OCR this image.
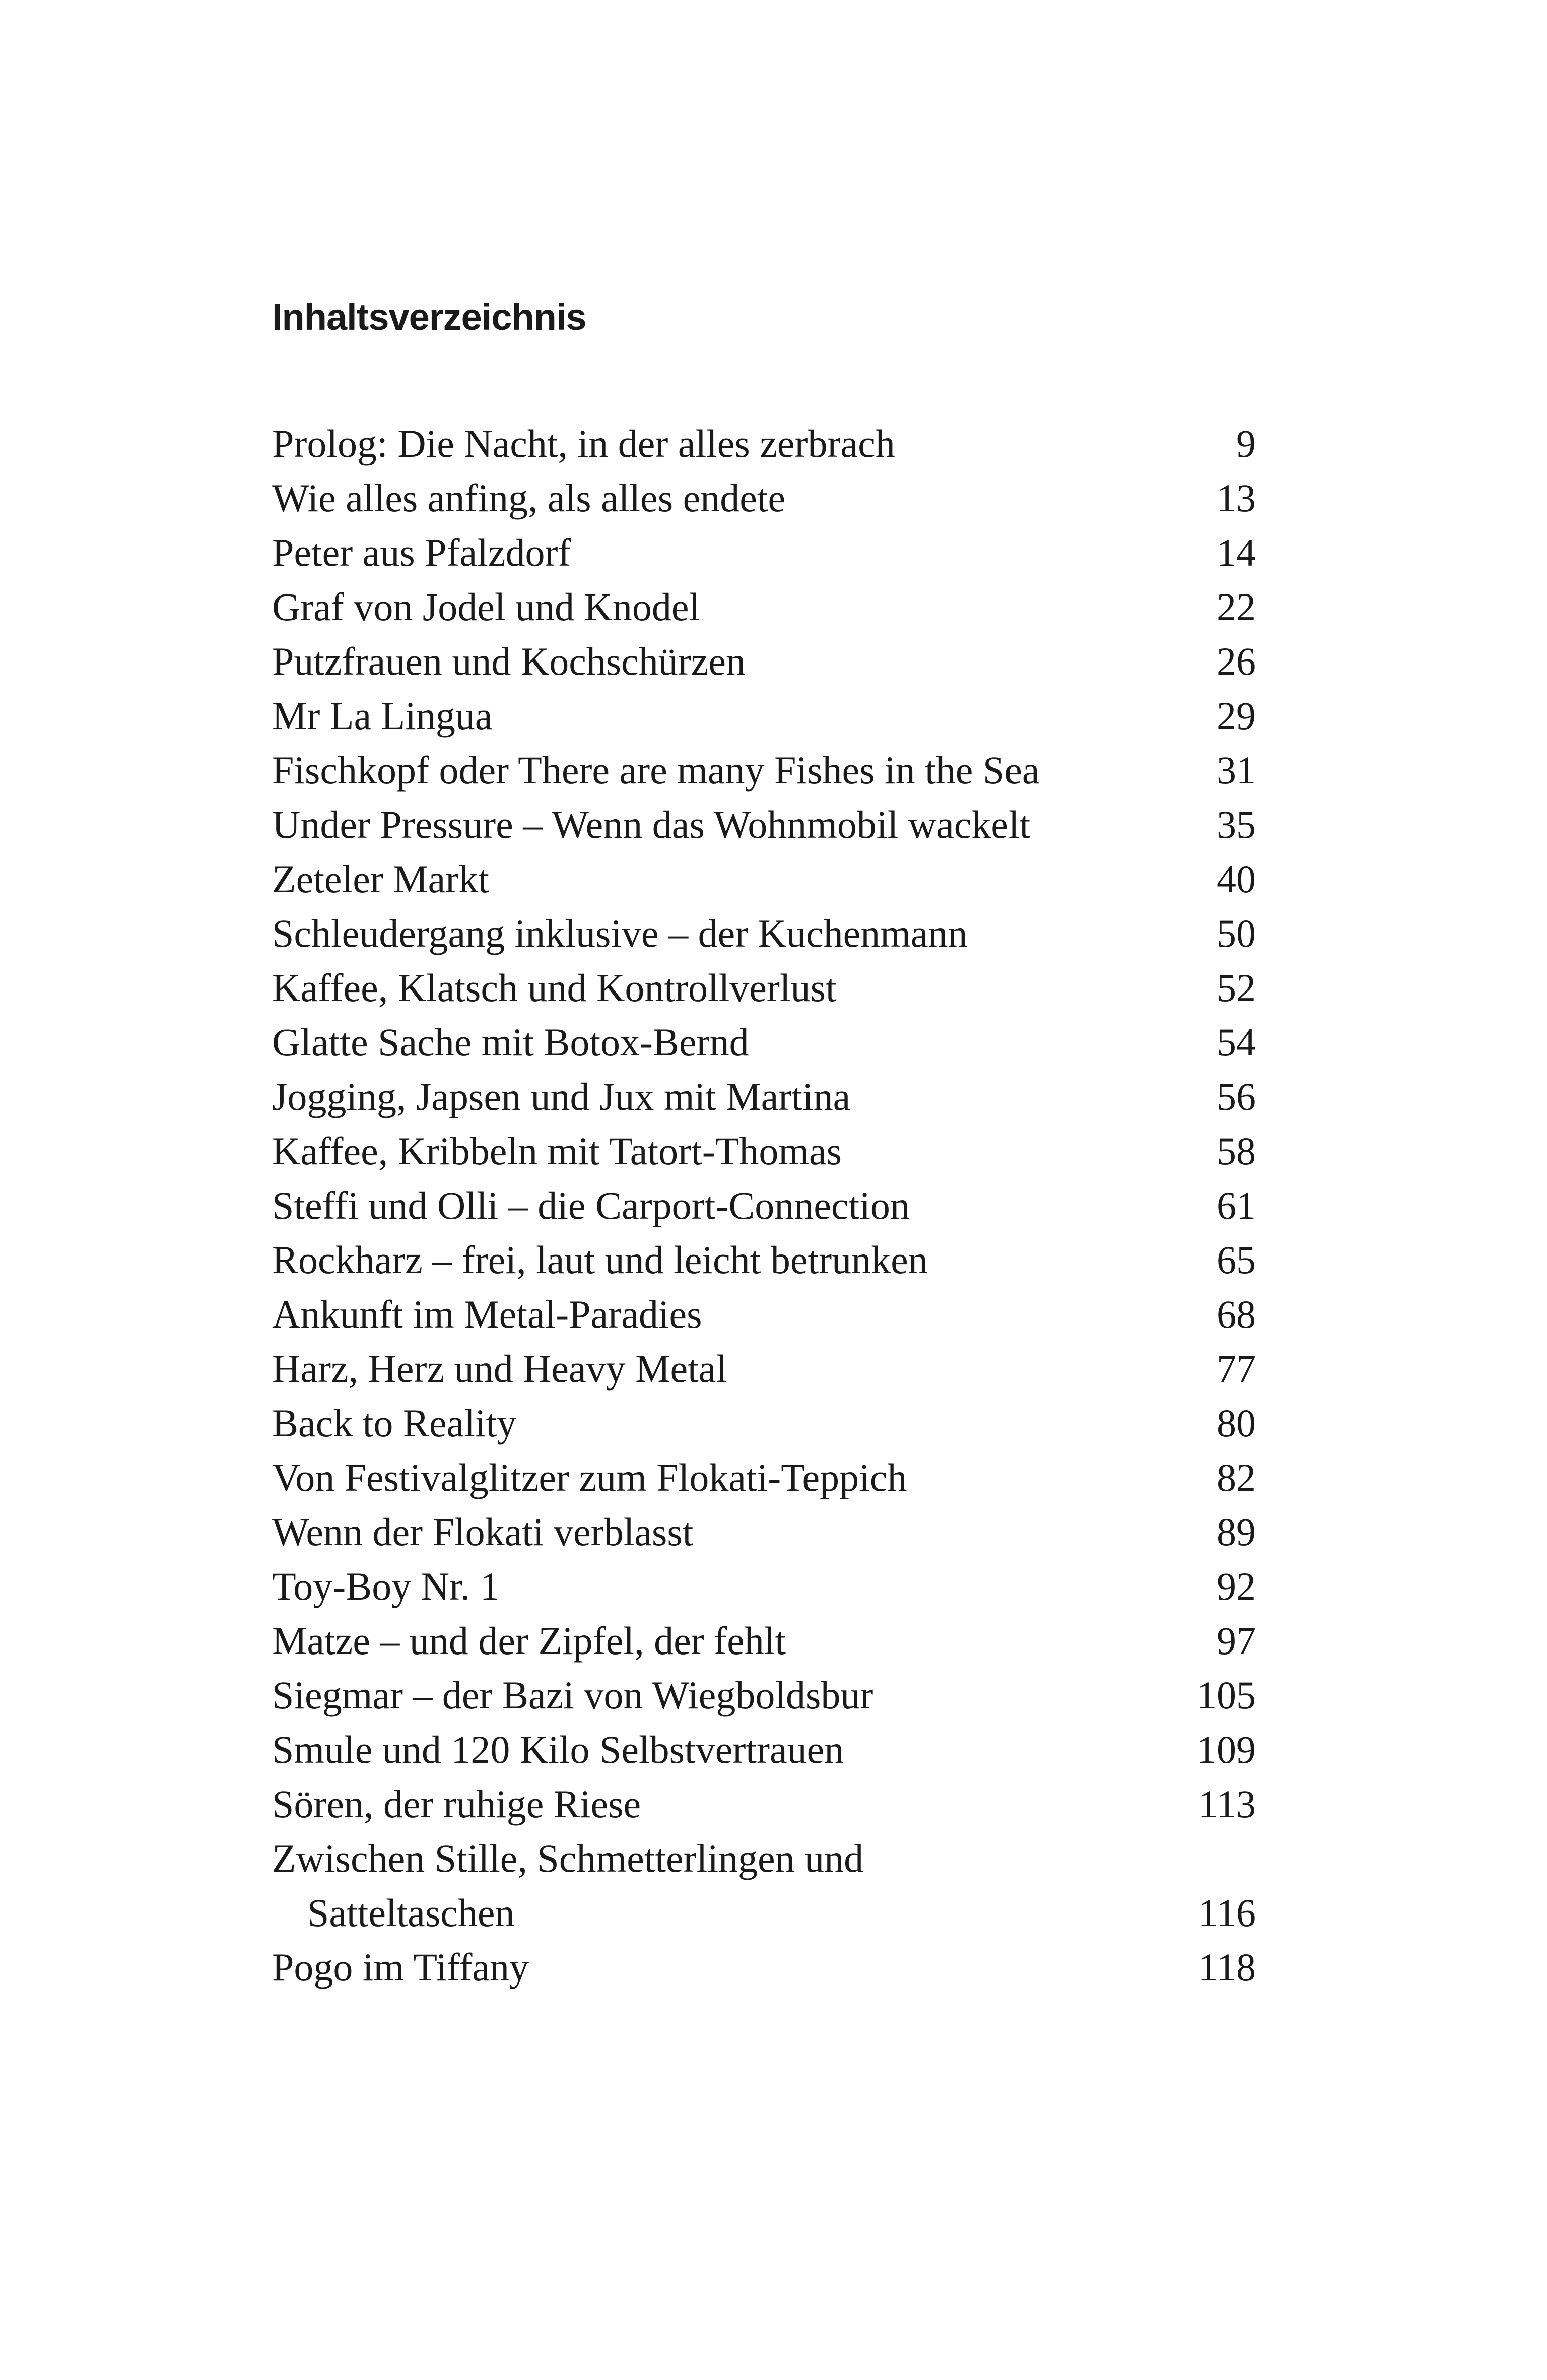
Inhaltsverzeichnis
Prolog: Die Nacht, in der alles zerbrach	9
Wie alles anfing, als alles endete	13
Peter aus Pfalzdorf	14
Graf von Jodel und Knodel	22
Putzfrauen und Kochschürzen	26
Mr La Lingua	29
Fischkopf oder There are many Fishes in the Sea	31
Under Pressure – Wenn das Wohnmobil wackelt	35
Zeteler Markt	40
Schleudergang inklusive – der Kuchenmann	50
Kaffee, Klatsch und Kontrollverlust	52
Glatte Sache mit Botox-Bernd	54
Jogging, Japsen und Jux mit Martina	56
Kaffee, Kribbeln mit Tatort-Thomas	58
Steffi und Olli – die Carport-Connection	61
Rockharz – frei, laut und leicht betrunken	65
Ankunft im Metal-Paradies	68
Harz, Herz und Heavy Metal	77
Back to Reality	80
Von Festivalglitzer zum Flokati-Teppich	82
Wenn der Flokati verblasst	89
Toy-Boy Nr. 1	92
Matze – und der Zipfel, der fehlt	97
Siegmar – der Bazi von Wiegboldsbur	105
Smule und 120 Kilo Selbstvertrauen	109
Sören, der ruhige Riese	113
Zwischen Stille, Schmetterlingen und
Satteltaschen	116
Pogo im Tiffany	118
